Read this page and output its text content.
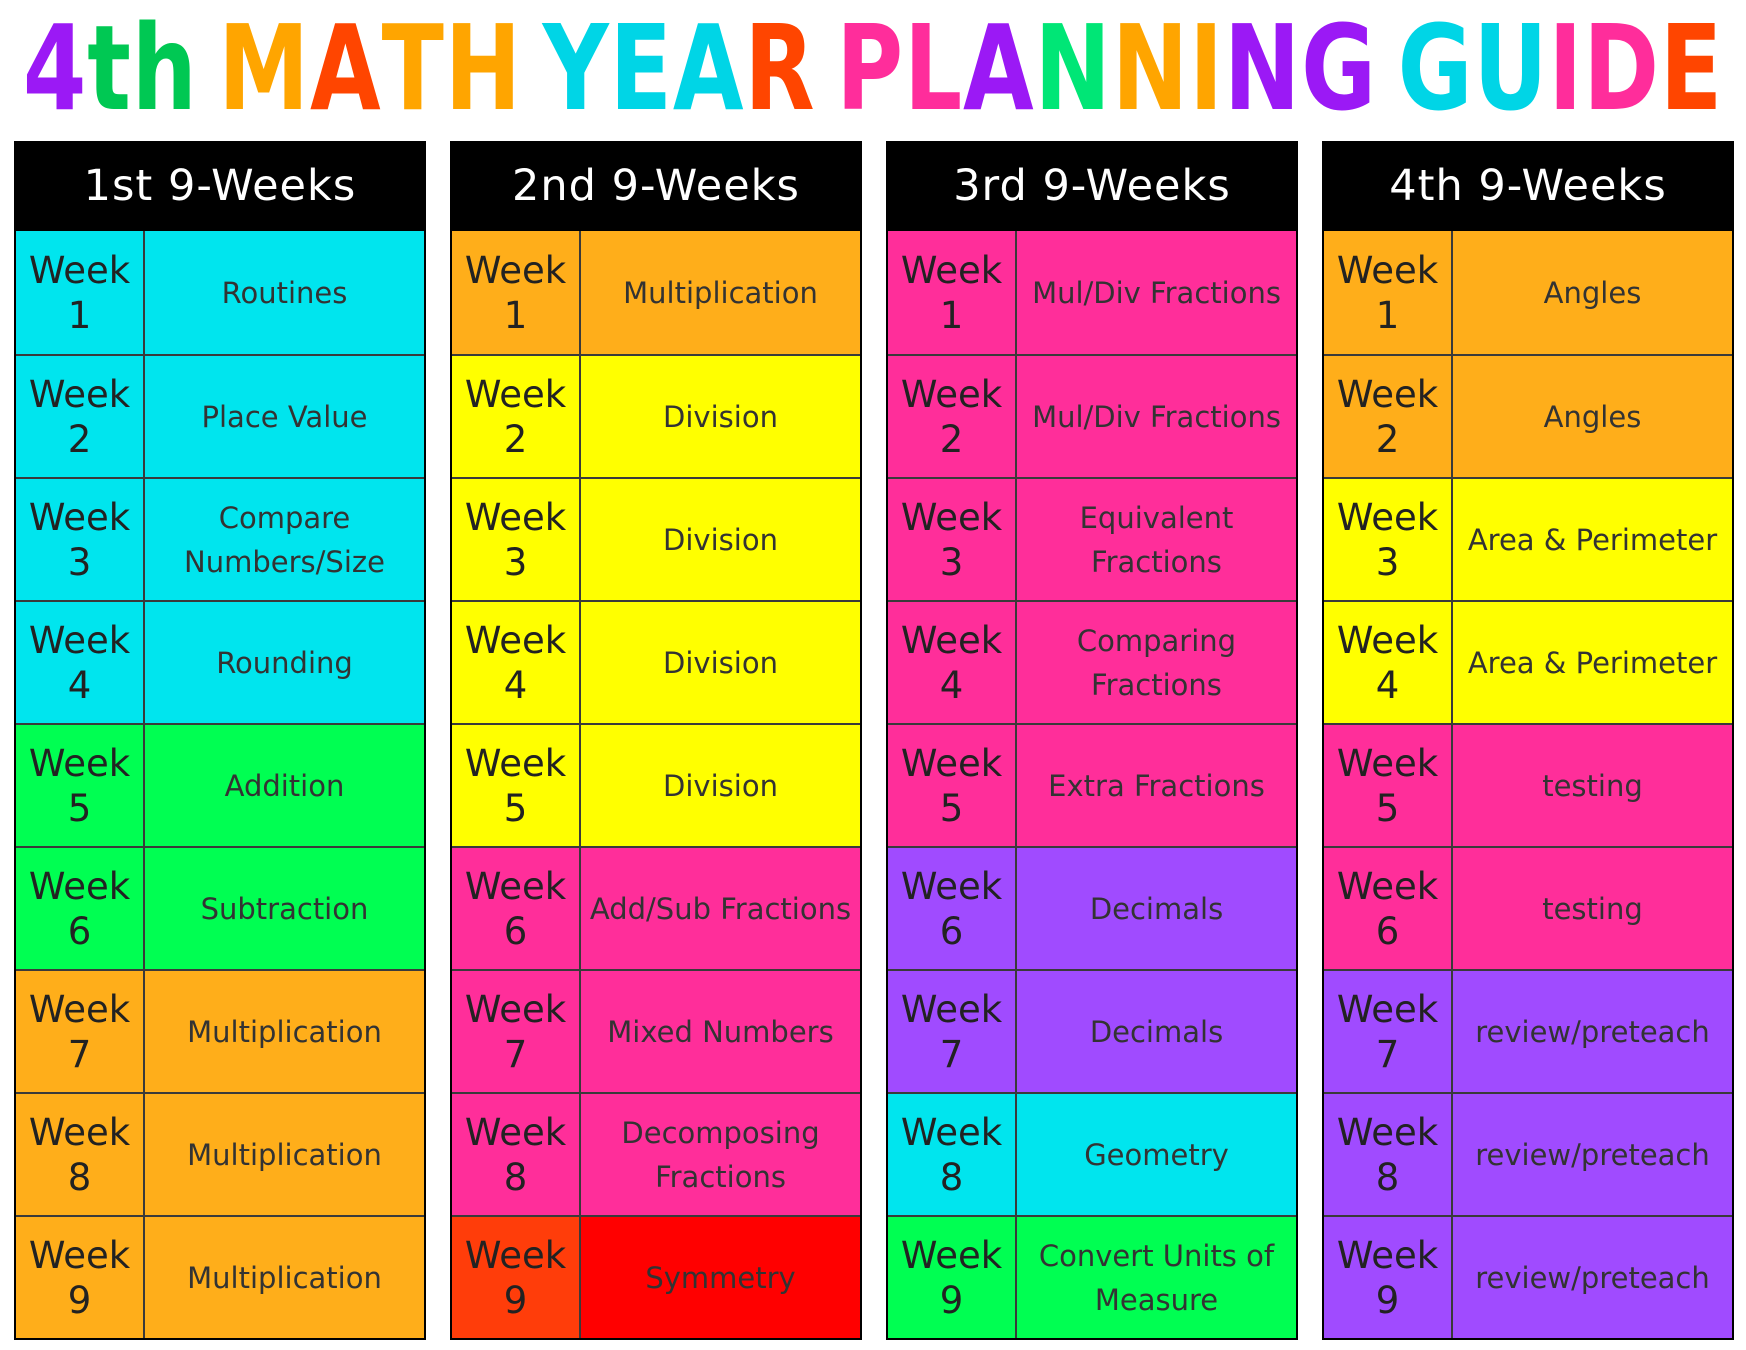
4th MATH YEAR PLANNING GUIDE
1st 9-Weeks
Week
1
Routines
Week
2
Place Value
Week
3
Compare
Numbers/Size
Week
4
Rounding
Week
5
Addition
Week
6
Subtraction
Week
7
Multiplication
Week
8
Multiplication
Week
9
Multiplication
2nd 9-Weeks
Week
1
Multiplication
Week
2
Division
Week
3
Division
Week
4
Division
Week
5
Division
Week
6
Add/Sub Fractions
Week
7
Mixed Numbers
Week
8
Decomposing
Fractions
Week
9
Symmetry
3rd 9-Weeks
Week
1
Mul/Div Fractions
Week
2
Mul/Div Fractions
Week
3
Equivalent
Fractions
Week
4
Comparing
Fractions
Week
5
Extra Fractions
Week
6
Decimals
Week
7
Decimals
Week
8
Geometry
Week
9
Convert Units of
Measure
4th 9-Weeks
Week
1
Angles
Week
2
Angles
Week
3
Area & Perimeter
Week
4
Area & Perimeter
Week
5
testing
Week
6
testing
Week
7
review/preteach
Week
8
review/preteach
Week
9
review/preteach
